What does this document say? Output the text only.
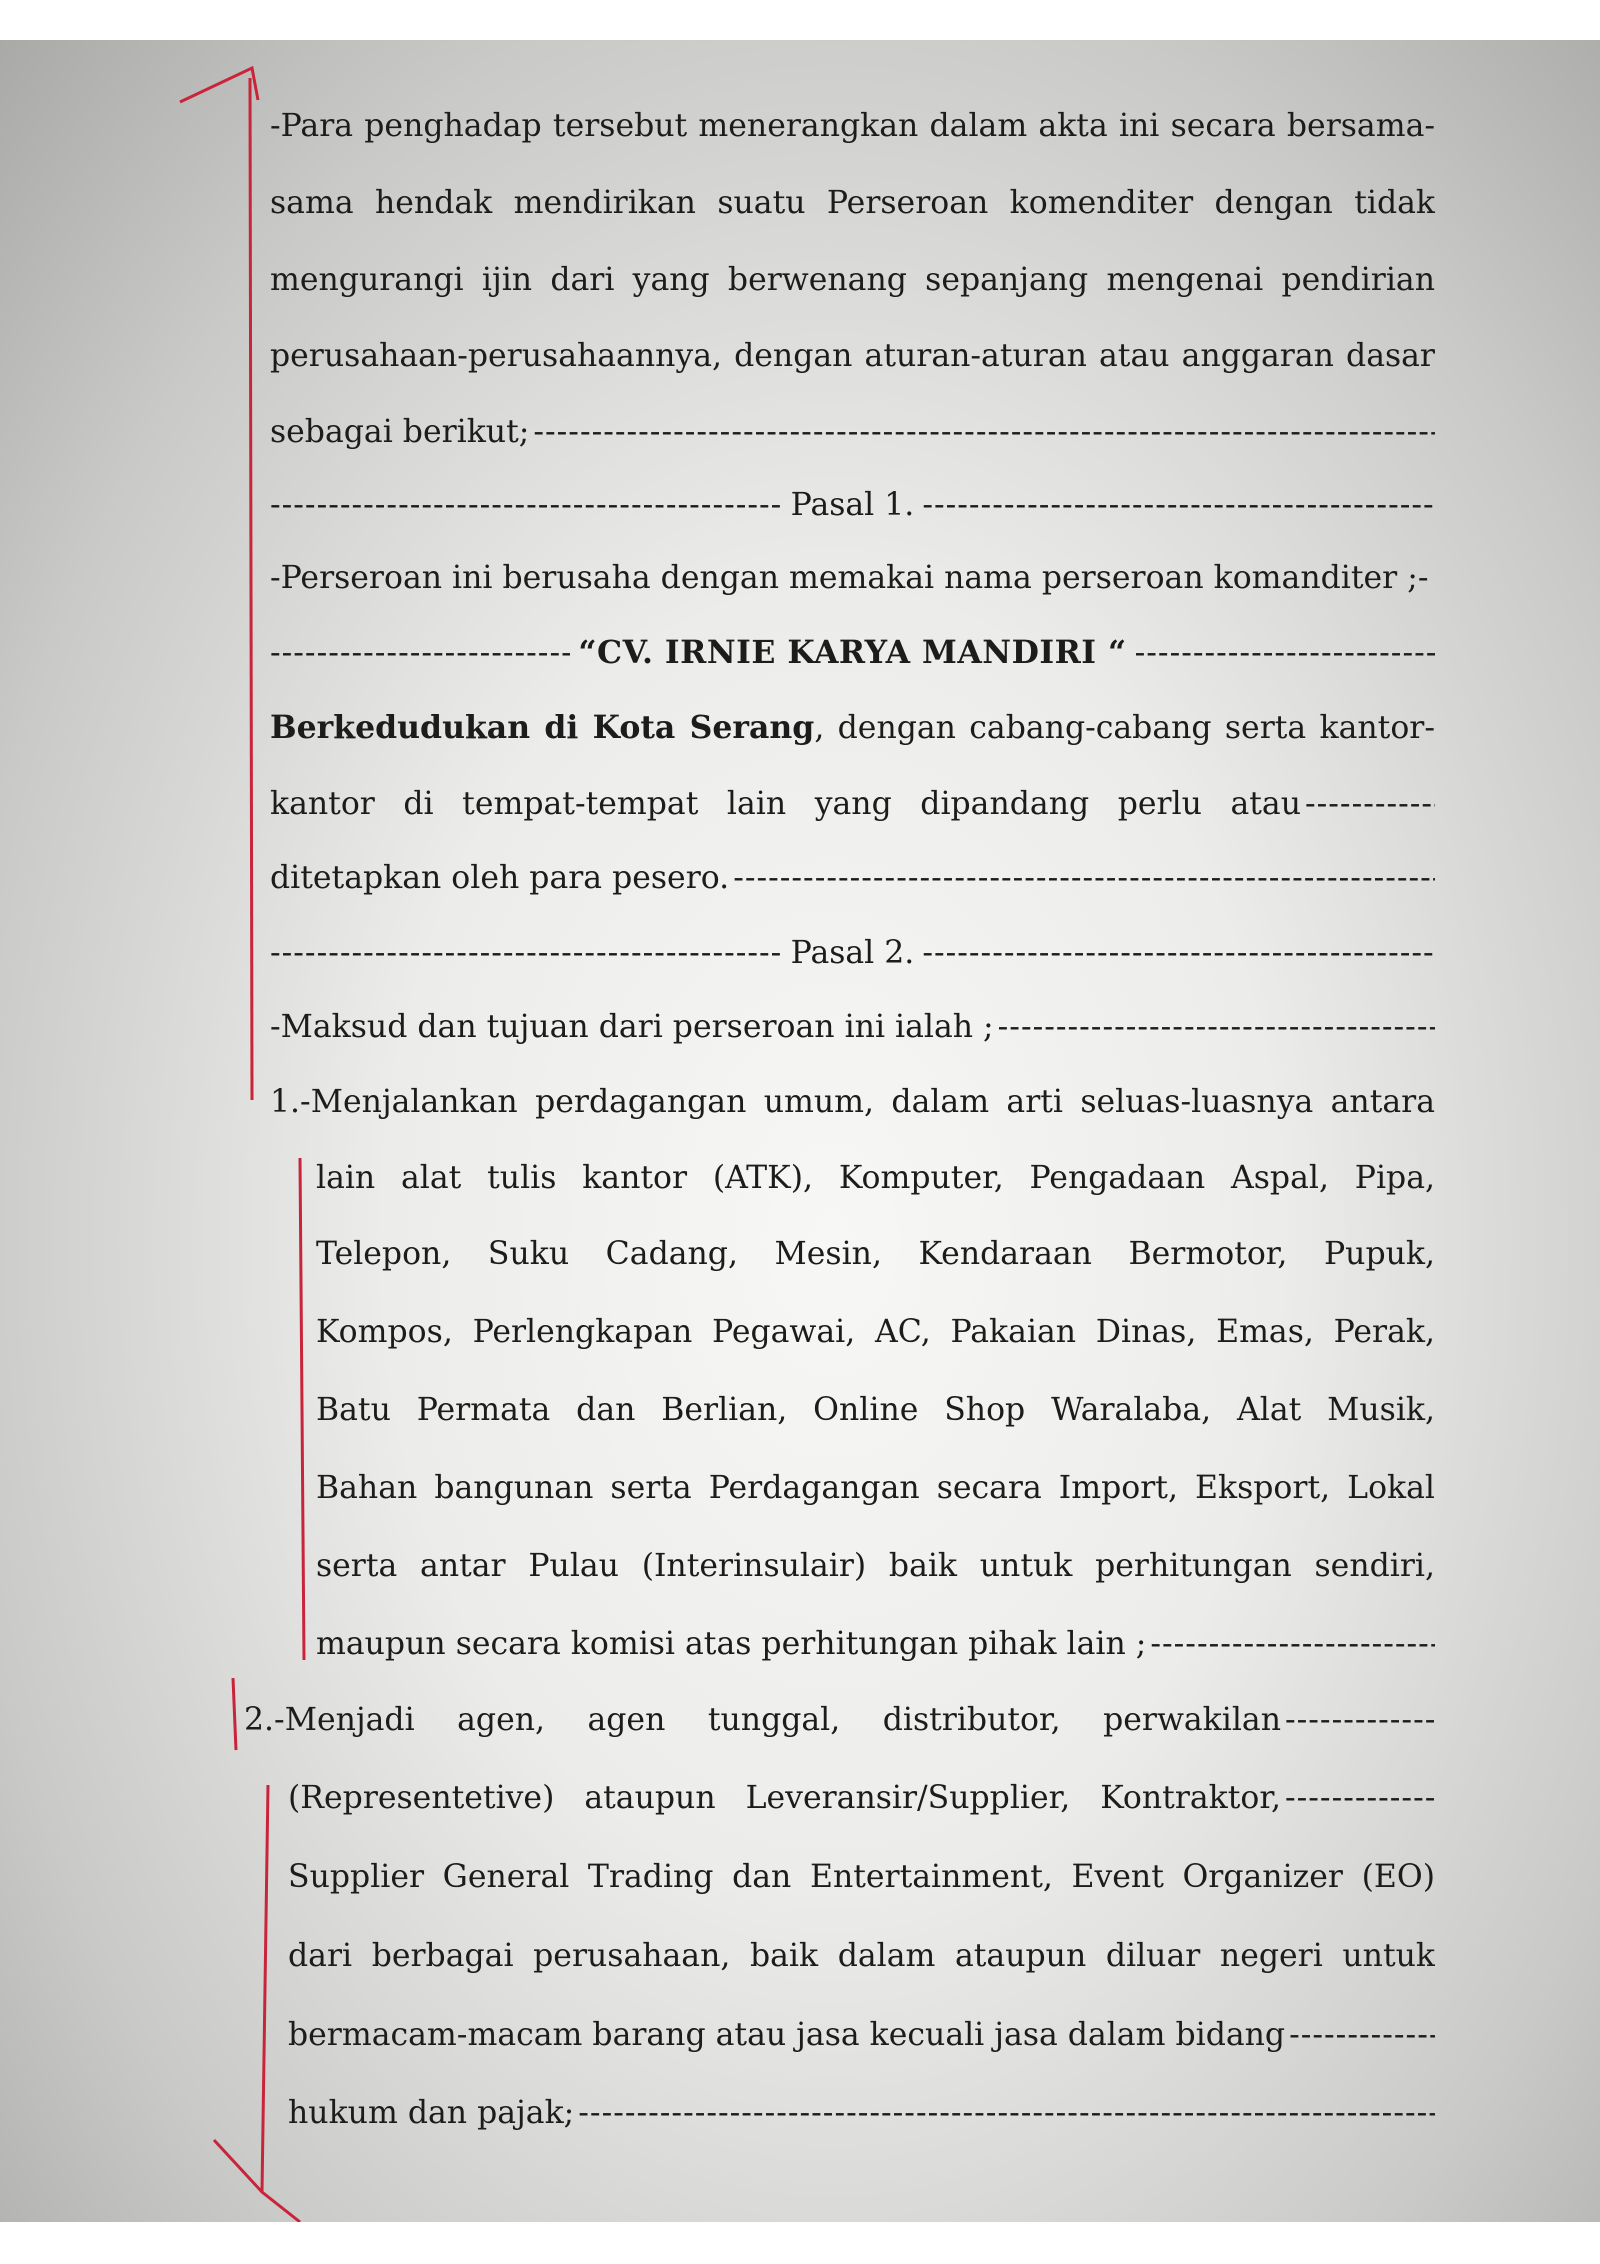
-Para penghadap tersebut menerangkan dalam akta ini secara bersama-
sama hendak mendirikan suatu Perseroan komenditer dengan tidak
mengurangi ijin dari yang berwenang sepanjang mengenai pendirian
perusahaan-perusahaannya, dengan aturan-aturan atau anggaran dasar
sebagai berikut;
-----
-----
Pasal 1.
-----
-Perseroan ini berusaha dengan memakai nama perseroan komanditer ;-
-----
“CV. IRNIE KARYA MANDIRI “
-----
Berkedudukan di Kota Serang, dengan cabang-cabang serta kantor-
kantor di tempat-tempat lain yang dipandang perlu atau
-----
ditetapkan oleh para pesero.
-----
-----
Pasal 2.
-----
-Maksud dan tujuan dari perseroan ini ialah ;
-----
1.-Menjalankan perdagangan umum, dalam arti seluas-luasnya antara
lain alat tulis kantor (ATK), Komputer, Pengadaan Aspal, Pipa,
Telepon, Suku Cadang, Mesin, Kendaraan Bermotor, Pupuk,
Kompos, Perlengkapan Pegawai, AC, Pakaian Dinas, Emas, Perak,
Batu Permata dan Berlian, Online Shop Waralaba, Alat Musik,
Bahan bangunan serta Perdagangan secara Import, Eksport, Lokal
serta antar Pulau (Interinsulair) baik untuk perhitungan sendiri,
maupun secara komisi atas perhitungan pihak lain ;
-----
2.-Menjadi agen, agen tunggal, distributor, perwakilan
-----
(Representetive) ataupun Leveransir/Supplier, Kontraktor,
-----
Supplier General Trading dan Entertainment, Event Organizer (EO)
dari berbagai perusahaan, baik dalam ataupun diluar negeri untuk
bermacam-macam barang atau jasa kecuali jasa dalam bidang
-----
hukum dan pajak;
-----
